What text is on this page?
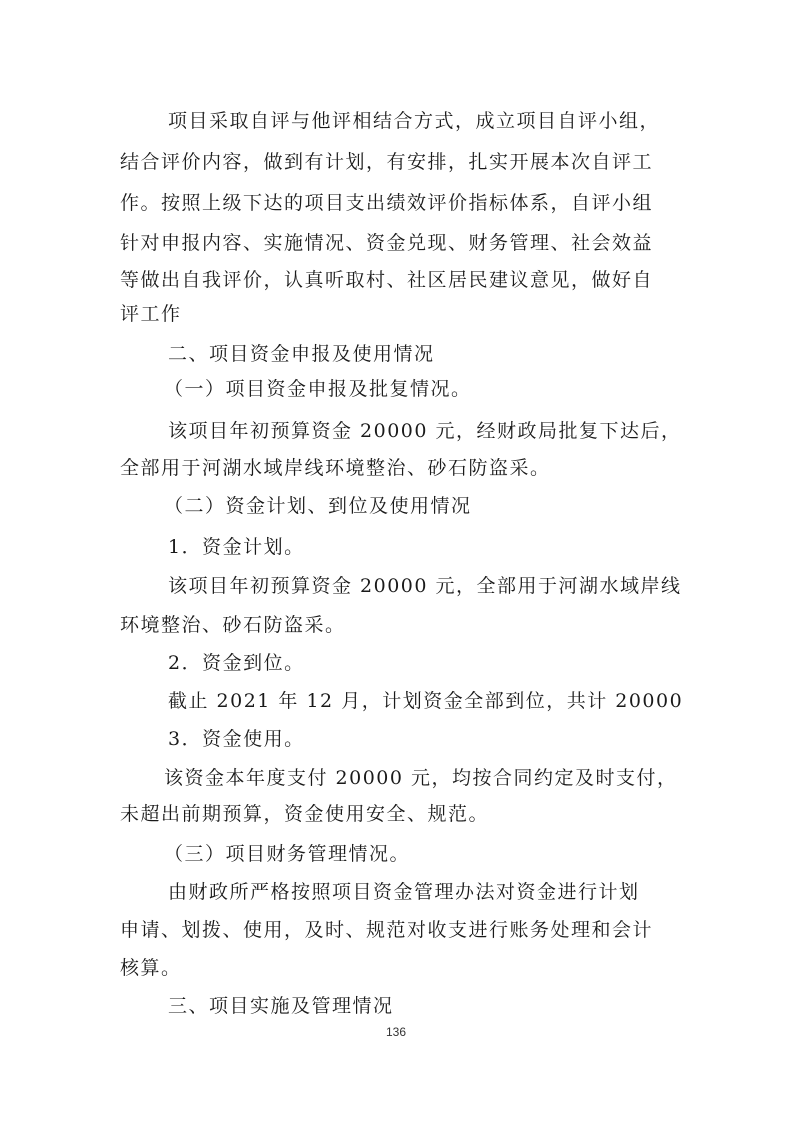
项目采取自评与他评相结合方式，成立项目自评小组，
结合评价内容，做到有计划，有安排，扎实开展本次自评工
作。按照上级下达的项目支出绩效评价指标体系，自评小组
针对申报内容、实施情况、资金兑现、财务管理、社会效益
等做出自我评价，认真听取村、社区居民建议意见，做好自
评工作
二、项目资金申报及使用情况
（一）项目资金申报及批复情况。
该项目年初预算资金 20000 元，经财政局批复下达后，
全部用于河湖水域岸线环境整治、砂石防盗采。
（二）资金计划、到位及使用情况
1．资金计划。
该项目年初预算资金 20000 元，全部用于河湖水域岸线
环境整治、砂石防盗采。
2．资金到位。
截止 2021 年 12 月，计划资金全部到位，共计 20000
3．资金使用。
该资金本年度支付 20000 元，均按合同约定及时支付，
未超出前期预算，资金使用安全、规范。
（三）项目财务管理情况。
由财政所严格按照项目资金管理办法对资金进行计划
申请、划拨、使用，及时、规范对收支进行账务处理和会计
核算。
三、项目实施及管理情况
136
